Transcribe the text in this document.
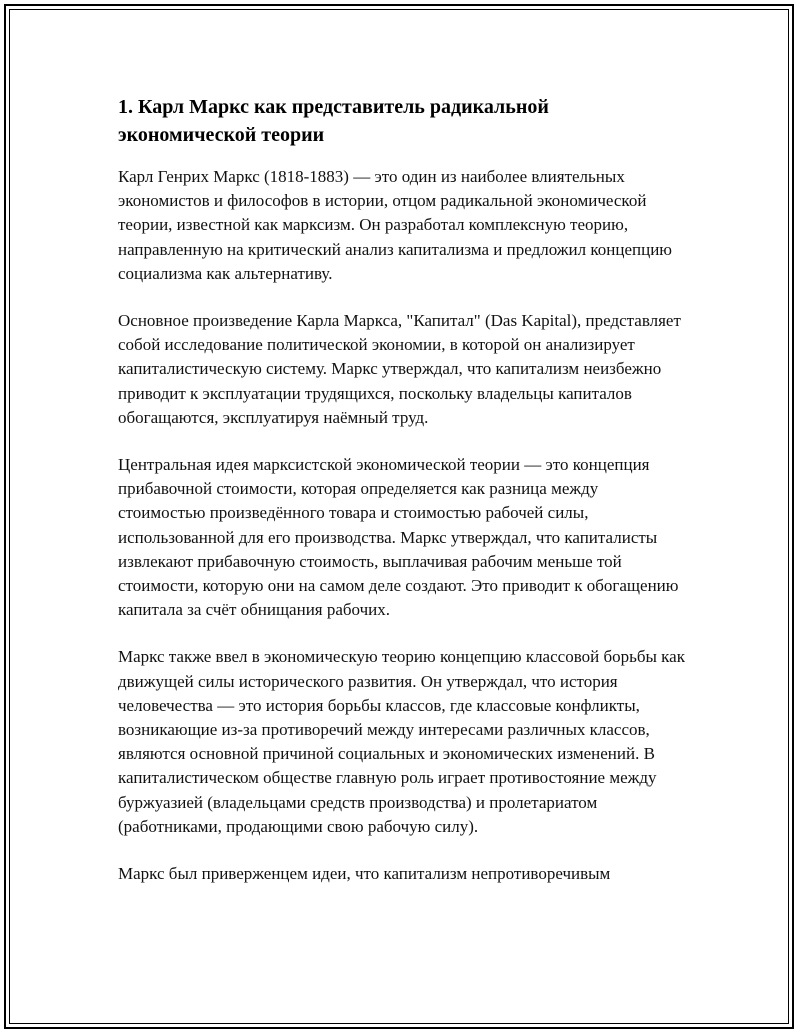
1. Карл Маркс как представитель радикальной экономической теории

Карл Генрих Маркс (1818-1883) — это один из наиболее влиятельных экономистов и философов в истории, отцом радикальной экономической теории, известной как марксизм. Он разработал комплексную теорию, направленную на критический анализ капитализма и предложил концепцию социализма как альтернативу.

Основное произведение Карла Маркса, "Капитал" (Das Kapital), представляет собой исследование политической экономии, в которой он анализирует капиталистическую систему. Маркс утверждал, что капитализм неизбежно приводит к эксплуатации трудящихся, поскольку владельцы капиталов обогащаются, эксплуатируя наёмный труд.

Центральная идея марксистской экономической теории — это концепция прибавочной стоимости, которая определяется как разница между стоимостью произведённого товара и стоимостью рабочей силы, использованной для его производства. Маркс утверждал, что капиталисты извлекают прибавочную стоимость, выплачивая рабочим меньше той стоимости, которую они на самом деле создают. Это приводит к обогащению капитала за счёт обнищания рабочих.

Маркс также ввел в экономическую теорию концепцию классовой борьбы как движущей силы исторического развития. Он утверждал, что история человечества — это история борьбы классов, где классовые конфликты, возникающие из-за противоречий между интересами различных классов, являются основной причиной социальных и экономических изменений. В капиталистическом обществе главную роль играет противостояние между буржуазией (владельцами средств производства) и пролетариатом (работниками, продающими свою рабочую силу).

Маркс был приверженцем идеи, что капитализм непротиворечивым
